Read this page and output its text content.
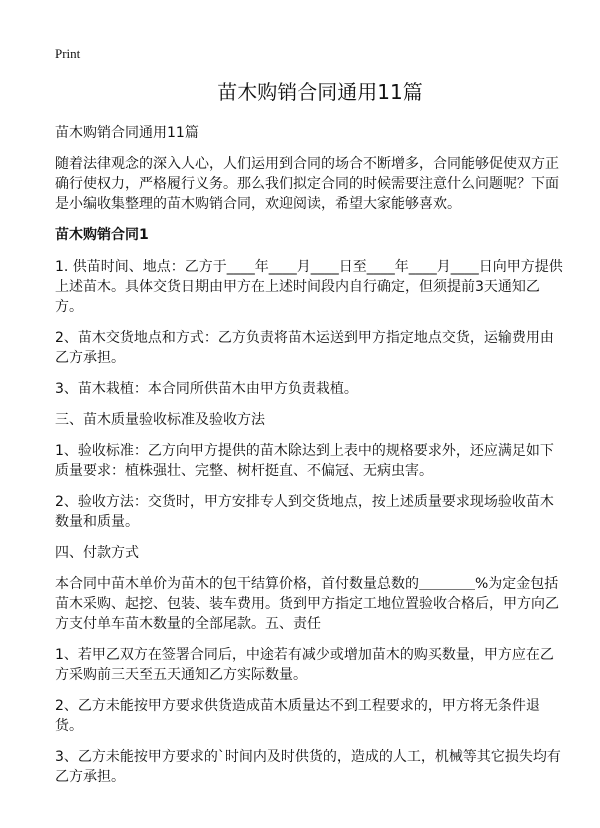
Print
苗木购销合同通用11篇

苗木购销合同通用11篇

随着法律观念的深入人心，人们运用到合同的场合不断增多，合同能够促使双方正确行使权力，严格履行义务。那么我们拟定合同的时候需要注意什么问题呢？下面是小编收集整理的苗木购销合同，欢迎阅读，希望大家能够喜欢。

苗木购销合同1

1. 供苗时间、地点：乙方于____年____月____日至____年____月____日向甲方提供上述苗木。具体交货日期由甲方在上述时间段内自行确定，但须提前3天通知乙方。

2、苗木交货地点和方式：乙方负责将苗木运送到甲方指定地点交货，运输费用由乙方承担。

3、苗木栽植：本合同所供苗木由甲方负责栽植。

三、苗木质量验收标准及验收方法

1、验收标准：乙方向甲方提供的苗木除达到上表中的规格要求外，还应满足如下质量要求：植株强壮、完整、树杆挺直、不偏冠、无病虫害。

2、验收方法：交货时，甲方安排专人到交货地点，按上述质量要求现场验收苗木数量和质量。

四、付款方式

本合同中苗木单价为苗木的包干结算价格，首付数量总数的＿＿＿＿%为定金包括苗木采购、起挖、包装、装车费用。货到甲方指定工地位置验收合格后，甲方向乙方支付单车苗木数量的全部尾款。五、责任

1、若甲乙双方在签署合同后，中途若有减少或增加苗木的购买数量，甲方应在乙方采购前三天至五天通知乙方实际数量。

2、乙方未能按甲方要求供货造成苗木质量达不到工程要求的，甲方将无条件退货。

3、乙方未能按甲方要求的`时间内及时供货的，造成的人工，机械等其它损失均有乙方承担。
